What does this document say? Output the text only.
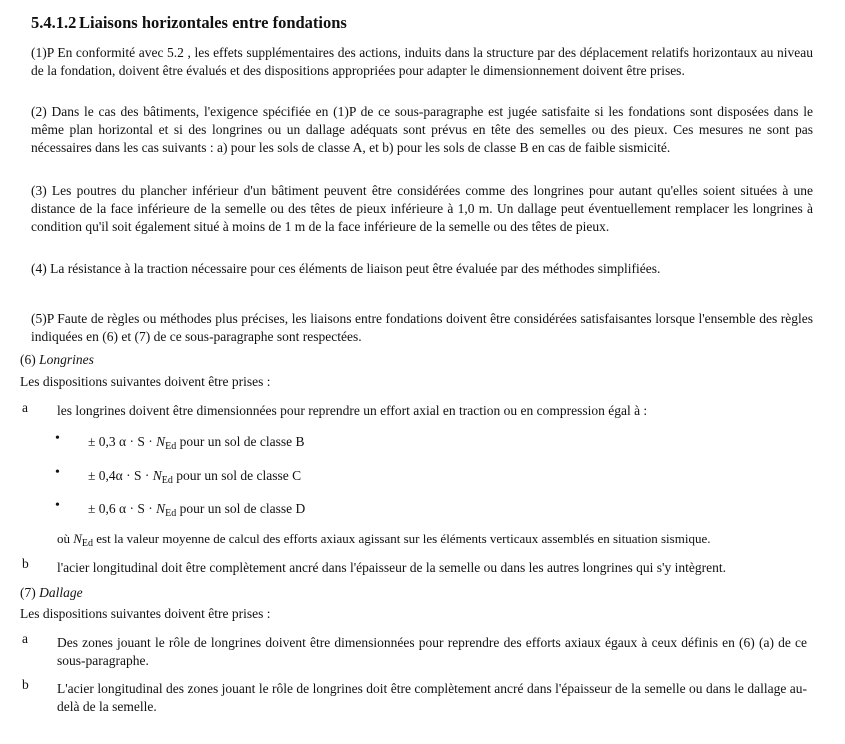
5.4.1.2 Liaisons horizontales entre fondations

(1)P En conformité avec 5.2 , les effets supplémentaires des actions, induits dans la structure par des déplacement relatifs horizontaux au niveau de la fondation, doivent être évalués et des dispositions appropriées pour adapter le dimensionnement doivent être prises.

(2) Dans le cas des bâtiments, l'exigence spécifiée en (1)P de ce sous-paragraphe est jugée satisfaite si les fondations sont disposées dans le même plan horizontal et si des longrines ou un dallage adéquats sont prévus en tête des semelles ou des pieux. Ces mesures ne sont pas nécessaires dans les cas suivants : a) pour les sols de classe A, et b) pour les sols de classe B en cas de faible sismicité.

(3) Les poutres du plancher inférieur d'un bâtiment peuvent être considérées comme des longrines pour autant qu'elles soient situées à une distance de la face inférieure de la semelle ou des têtes de pieux inférieure à 1,0 m. Un dallage peut éventuellement remplacer les longrines à condition qu'il soit également situé à moins de 1 m de la face inférieure de la semelle ou des têtes de pieux.

(4) La résistance à la traction nécessaire pour ces éléments de liaison peut être évaluée par des méthodes simplifiées.

(5)P Faute de règles ou méthodes plus précises, les liaisons entre fondations doivent être considérées satisfaisantes lorsque l'ensemble des règles indiquées en (6) et (7) de ce sous-paragraphe sont respectées.

(6) Longrines
Les dispositions suivantes doivent être prises :
a les longrines doivent être dimensionnées pour reprendre un effort axial en traction ou en compression égal à :

• ± 0,3 $\alpha \cdot S \cdot N_{Ed}$ pour un sol de classe B
• ± $0,4\alpha \cdot S \cdot N_{Ed}$ pour un sol de classe C
• ± 0,6 $\alpha \cdot S \cdot N_{Ed}$ pour un sol de classe D
où $N_{Ed}$ est la valeur moyenne de calcul des efforts axiaux agissant sur les éléments verticaux assemblés en situation sismique.
b l'acier longitudinal doit être complètement ancré dans l'épaisseur de la semelle ou dans les autres longrines qui s'y intègrent.

(7) Dallage
Les dispositions suivantes doivent être prises :
a Des zones jouant le rôle de longrines doivent être dimensionnées pour reprendre des efforts axiaux égaux à ceux définis en (6) (a) de ce sous-paragraphe.

b L'acier longitudinal des zones jouant le rôle de longrines doit être complètement ancré dans l'épaisseur de la semelle ou dans le dallage au-delà de la semelle.
